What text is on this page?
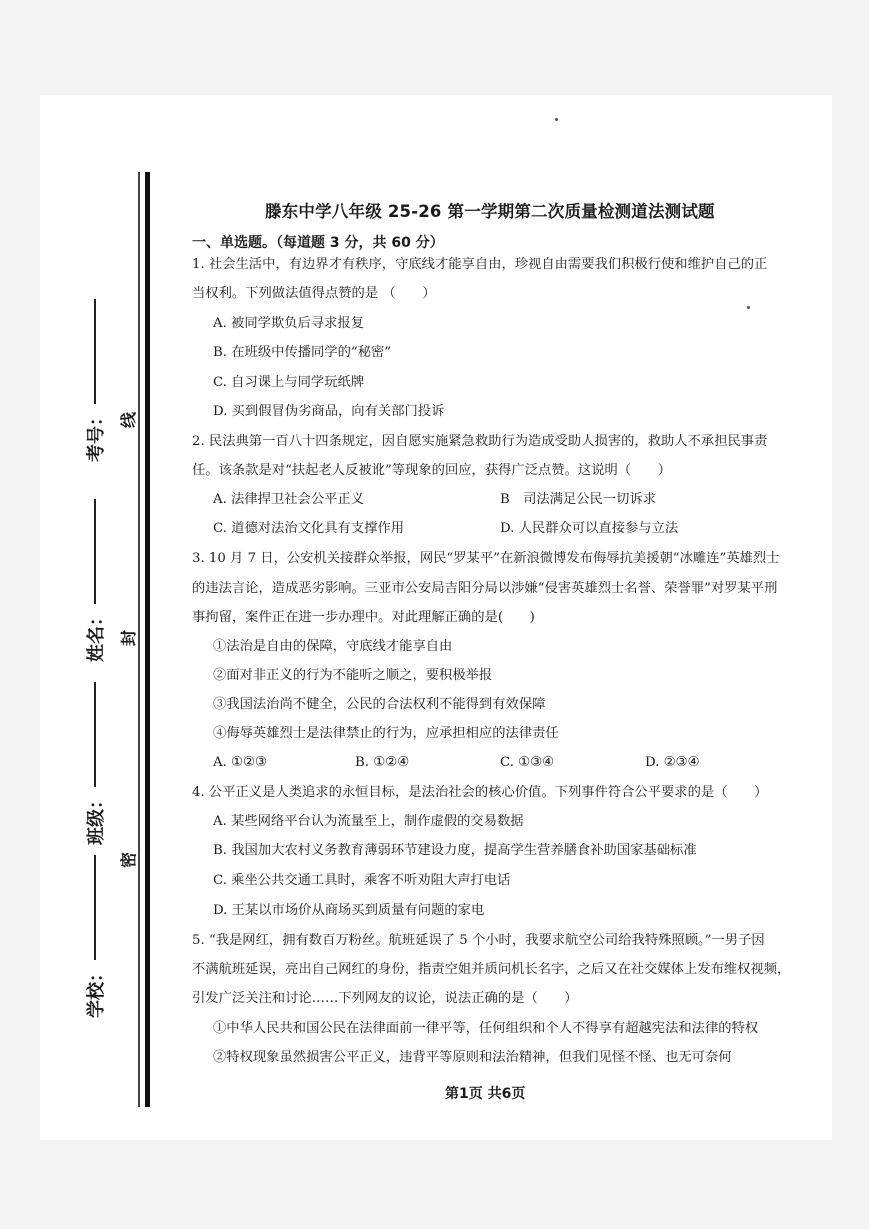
考号：
姓名：
班级：
学校：
线
封
密
滕东中学八年级 25-26 第一学期第二次质量检测道法测试题
一、单选题。（每道题 3 分，共 60 分）
1. 社会生活中，有边界才有秩序，守底线才能享自由，珍视自由需要我们积极行使和维护自己的正
当权利。下列做法值得点赞的是 （　　）
A. 被同学欺负后寻求报复
B. 在班级中传播同学的“秘密”
C. 自习课上与同学玩纸牌
D. 买到假冒伪劣商品，向有关部门投诉
2. 民法典第一百八十四条规定，因自愿实施紧急救助行为造成受助人损害的，救助人不承担民事责
任。该条款是对“扶起老人反被讹”等现象的回应，获得广泛点赞。这说明（　　）
A. 法律捍卫社会公平正义	B　司法满足公民一切诉求
C. 道德对法治文化具有支撑作用	D. 人民群众可以直接参与立法
3. 10 月 7 日，公安机关接群众举报，网民“罗某平”在新浪微博发布侮辱抗美援朝“冰雕连”英雄烈士
的违法言论，造成恶劣影响。三亚市公安局吉阳分局以涉嫌“侵害英雄烈士名誉、荣誉罪”对罗某平刑
事拘留，案件正在进一步办理中。对此理解正确的是(　　)
①法治是自由的保障，守底线才能享自由
②面对非正义的行为不能听之顺之，要积极举报
③我国法治尚不健全，公民的合法权利不能得到有效保障
④侮辱英雄烈士是法律禁止的行为，应承担相应的法律责任
A. ①②③	B. ①②④	C. ①③④	D. ②③④
4. 公平正义是人类追求的永恒目标，是法治社会的核心价值。下列事件符合公平要求的是（　　）
A. 某些网络平台认为流量至上，制作虚假的交易数据
B. 我国加大农村义务教育薄弱环节建设力度，提高学生营养膳食补助国家基础标准
C. 乘坐公共交通工具时，乘客不听劝阻大声打电话
D. 王某以市场价从商场买到质量有问题的家电
5. “我是网红，拥有数百万粉丝。航班延误了 5 个小时，我要求航空公司给我特殊照顾。”一男子因
不满航班延误，亮出自己网红的身份，指责空姐并质问机长名字，之后又在社交媒体上发布维权视频，
引发广泛关注和讨论……下列网友的议论，说法正确的是（　　）
①中华人民共和国公民在法律面前一律平等，任何组织和个人不得享有超越宪法和法律的特权
②特权现象虽然损害公平正义，违背平等原则和法治精神，但我们见怪不怪、也无可奈何
第1页 共6页
